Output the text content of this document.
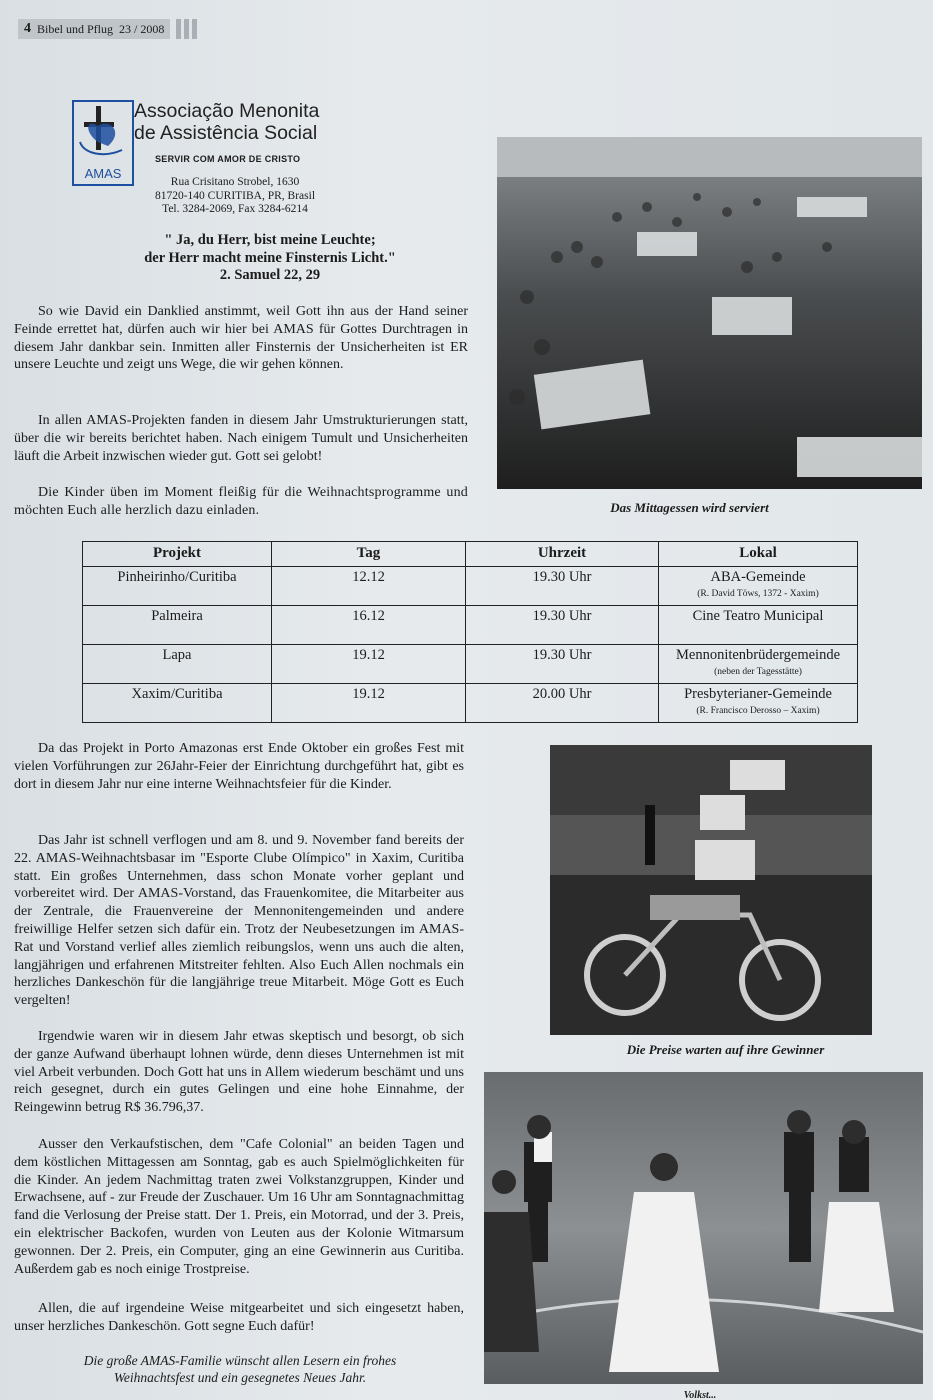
4 Bibel und Pflug 23 / 2008
AMAS
Associação Menonita
de Assistência Social
SERVIR COM AMOR DE CRISTO
Rua Crisitano Strobel, 1630
81720-140 CURITIBA, PR, Brasil
Tel. 3284-2069, Fax 3284-6214
" Ja, du Herr, bist meine Leuchte;
der Herr macht meine Finsternis Licht."
2. Samuel 22, 29

So wie David ein Danklied anstimmt, weil Gott ihn aus der Hand seiner Feinde errettet hat, dürfen auch wir hier bei AMAS für Gottes Durchtragen in diesem Jahr dankbar sein. Inmitten aller Finsternis der Unsicherheiten ist ER unsere Leuchte und zeigt uns Wege, die wir gehen können.

In allen AMAS-Projekten fanden in diesem Jahr Umstrukturierungen statt, über die wir bereits berichtet haben. Nach einigem Tumult und Unsicherheiten läuft die Arbeit inzwischen wieder gut. Gott sei gelobt!

Die Kinder üben im Moment fleißig für die Weihnachtsprogramme und möchten Euch alle herzlich dazu einladen.

Projekt	Tag	Uhrzeit	Lokal
Pinheirinho/Curitiba	12.12	19.30 Uhr	ABA-Gemeinde
(R. David Töws, 1372 - Xaxim)

Palmeira	16.12	19.30 Uhr	Cine Teatro Municipal
Lapa	19.12	19.30 Uhr	Mennonitenbrüdergemeinde
(neben der Tagesstätte)

Xaxim/Curitiba	19.12	20.00 Uhr	Presbyterianer-Gemeinde
(R. Francisco Derosso – Xaxim)

Da das Projekt in Porto Amazonas erst Ende Oktober ein großes Fest mit vielen Vorführungen zur 26Jahr-Feier der Einrichtung durchgeführt hat, gibt es dort in diesem Jahr nur eine interne Weihnachtsfeier für die Kinder.

Das Jahr ist schnell verflogen und am 8. und 9. November fand bereits der 22. AMAS-Weihnachtsbasar im "Esporte Clube Olímpico" in Xaxim, Curitiba statt. Ein großes Unternehmen, dass schon Monate vorher geplant und vorbereitet wird. Der AMAS-Vorstand, das Frauenkomitee, die Mitarbeiter aus der Zentrale, die Frauenvereine der Mennonitengemeinden und andere freiwillige Helfer setzen sich dafür ein. Trotz der Neubesetzungen im AMAS-Rat und Vorstand verlief alles ziemlich reibungslos, wenn uns auch die alten, langjährigen und erfahrenen Mitstreiter fehlten. Also Euch Allen nochmals ein herzliches Dankeschön für die langjährige treue Mitarbeit. Möge Gott es Euch vergelten!

Irgendwie waren wir in diesem Jahr etwas skeptisch und besorgt, ob sich der ganze Aufwand überhaupt lohnen würde, denn dieses Unternehmen ist mit viel Arbeit verbunden. Doch Gott hat uns in Allem wiederum beschämt und uns reich gesegnet, durch ein gutes Gelingen und eine hohe Einnahme, der Reingewinn betrug R$ 36.796,37.

Ausser den Verkaufstischen, dem "Cafe Colonial" an beiden Tagen und dem köstlichen Mittagessen am Sonntag, gab es auch Spielmöglichkeiten für die Kinder. An jedem Nachmittag traten zwei Volkstanzgruppen, Kinder und Erwachsene, auf - zur Freude der Zuschauer. Um 16 Uhr am Sonntagnachmittag fand die Verlosung der Preise statt. Der 1. Preis, ein Motorrad, und der 3. Preis, ein elektrischer Backofen, wurden von Leuten aus der Kolonie Witmarsum gewonnen. Der 2. Preis, ein Computer, ging an eine Gewinnerin aus Curitiba. Außerdem gab es noch einige Trostpreise.

Allen, die auf irgendeine Weise mitgearbeitet und sich eingesetzt haben, unser herzliches Dankeschön. Gott segne Euch dafür!

Die große AMAS-Familie wünscht allen Lesern ein frohes
Weihnachtsfest und ein gesegnetes Neues Jahr.
Das Mittagessen wird serviert
Die Preise warten auf ihre Gewinner
Volkst...
